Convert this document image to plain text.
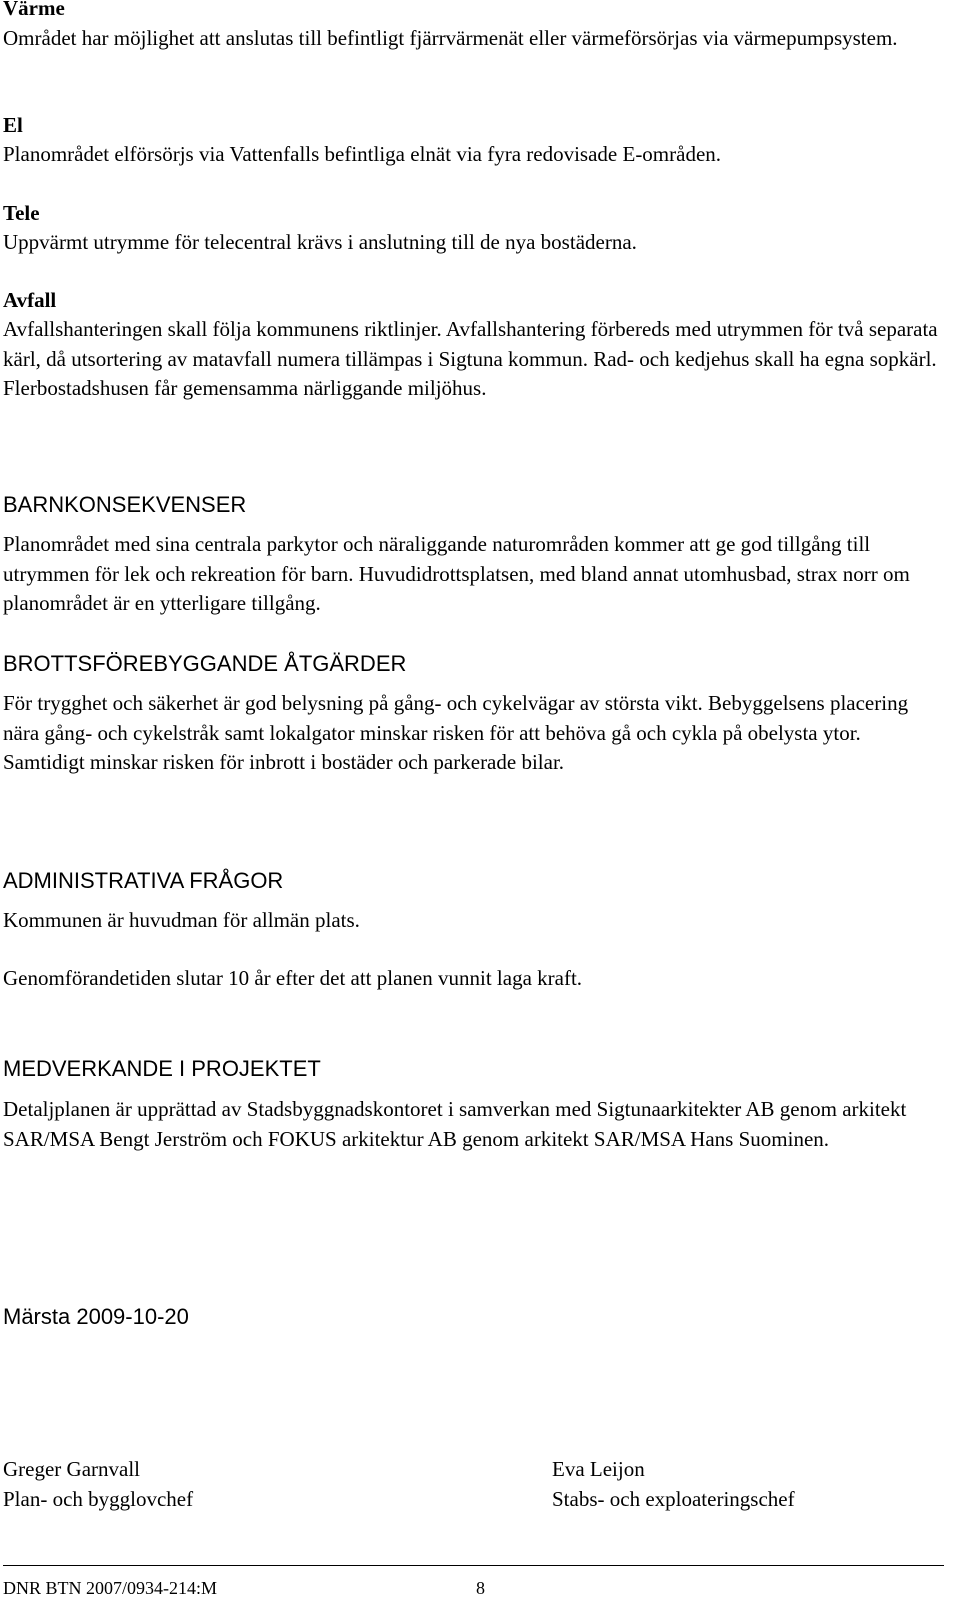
Värme

Området har möjlighet att anslutas till befintligt fjärrvärmenät eller värmeförsörjas via värmepumpsystem.

El

Planområdet elförsörjs via Vattenfalls befintliga elnät via fyra redovisade E-områden.

Tele

Uppvärmt utrymme för telecentral krävs i anslutning till de nya bostäderna.

Avfall

Avfallshanteringen skall följa kommunens riktlinjer. Avfallshantering förbereds med utrymmen för två separata kärl, då utsortering av matavfall numera tillämpas i Sigtuna kommun. Rad- och kedjehus skall ha egna sopkärl. Flerbostadshusen får gemensamma närliggande miljöhus.

BARNKONSEKVENSER

Planområdet med sina centrala parkytor och näraliggande naturområden kommer att ge god tillgång till utrymmen för lek och rekreation för barn. Huvudidrottsplatsen, med bland annat utomhusbad, strax norr om planområdet är en ytterligare tillgång.

BROTTSFÖREBYGGANDE ÅTGÄRDER

För trygghet och säkerhet är god belysning på gång- och cykelvägar av största vikt. Bebyggelsens placering nära gång- och cykelstråk samt lokalgator minskar risken för att behöva gå och cykla på obelysta ytor. Samtidigt minskar risken för inbrott i bostäder och parkerade bilar.

ADMINISTRATIVA FRÅGOR

Kommunen är huvudman för allmän plats.

Genomförandetiden slutar 10 år efter det att planen vunnit laga kraft.

MEDVERKANDE I PROJEKTET

Detaljplanen är upprättad av Stadsbyggnadskontoret i samverkan med Sigtunaarkitekter AB genom arkitekt SAR/MSA Bengt Jerström och FOKUS arkitektur AB genom arkitekt SAR/MSA Hans Suominen.

Märsta 2009-10-20
Greger Garnvall
Plan- och bygglovchef
Eva Leijon
Stabs- och exploateringschef
DNR BTN 2007/0934-214:M	8
